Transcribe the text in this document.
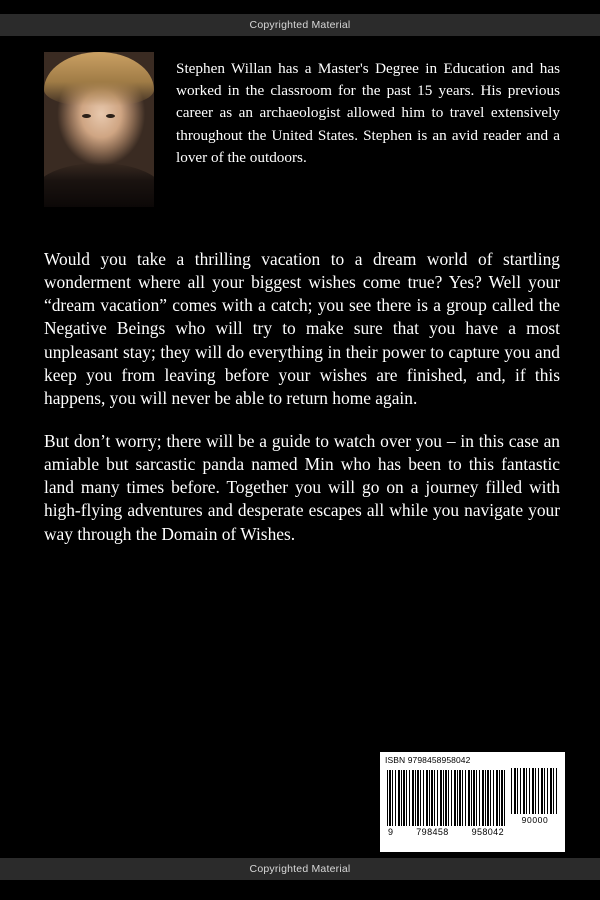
Copyrighted Material
Stephen Willan has a Master's Degree in Education and has worked in the classroom for the past 15 years. His previous career as an archaeologist allowed him to travel extensively throughout the United States. Stephen is an avid reader and a lover of the outdoors.

Would you take a thrilling vacation to a dream world of startling wonderment where all your biggest wishes come true? Yes? Well your “dream vacation” comes with a catch; you see there is a group called the Negative Beings who will try to make sure that you have a most unpleasant stay; they will do everything in their power to capture you and keep you from leaving before your wishes are finished, and, if this happens, you will never be able to return home again.

But don’t worry; there will be a guide to watch over you – in this case an amiable but sarcastic panda named Min who has been to this fantastic land many times before. Together you will go on a journey filled with high-flying adventures and desperate escapes all while you navigate your way through the Domain of Wishes.

ISBN 9798458958042
90000
9	798458	958042
Copyrighted Material
